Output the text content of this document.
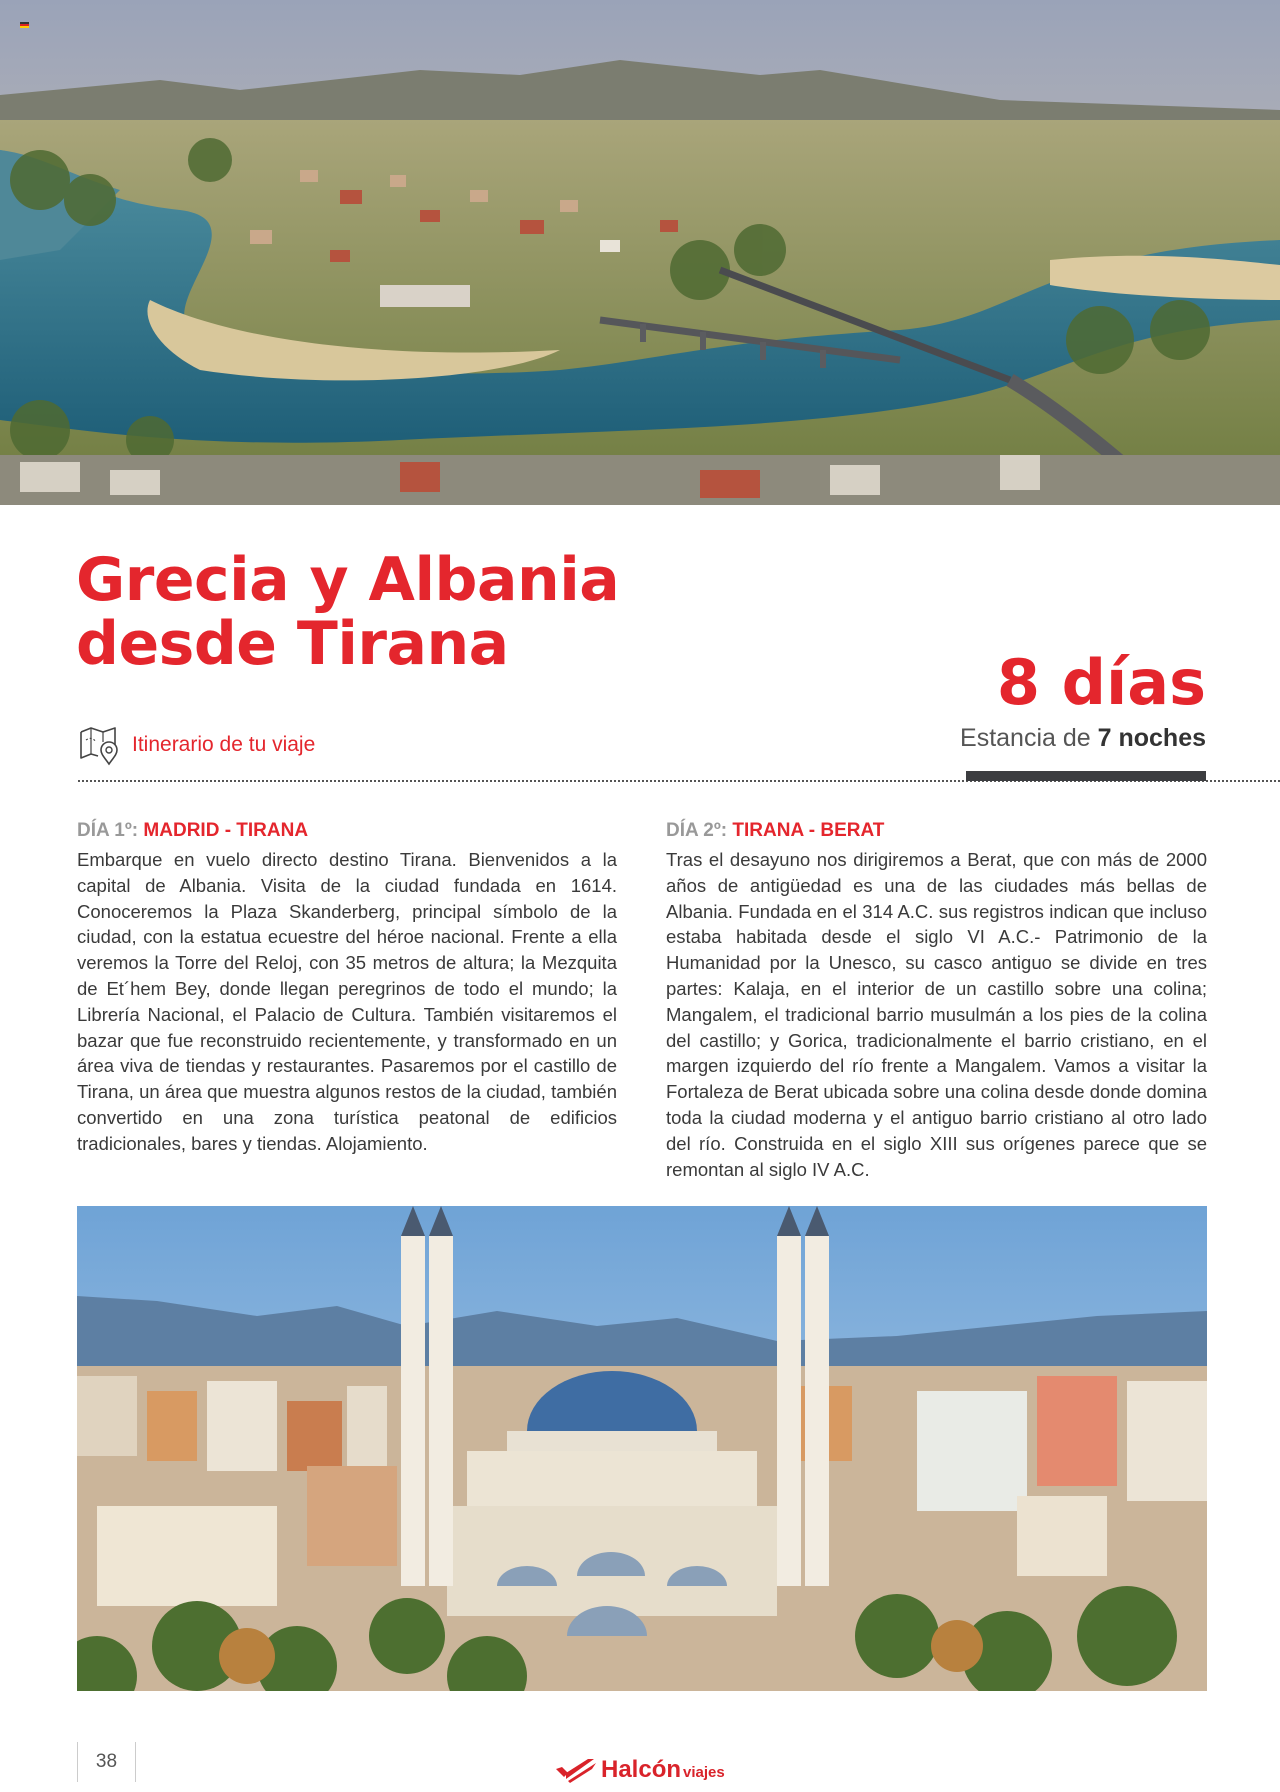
Grecia y Albania
desde Tirana
8 días
Estancia de 7 noches
Itinerario de tu viaje
DÍA 1º: MADRID - TIRANA

Embarque en vuelo directo destino Tirana. Bienvenidos a la capital de Albania. Visita de la ciudad fundada en 1614. Conoceremos la Plaza Skanderberg, principal símbolo de la ciudad, con la estatua ecuestre del héroe nacional. Frente a ella veremos la Torre del Reloj, con 35 metros de altura; la Mezquita de Et´hem Bey, donde llegan peregrinos de todo el mundo; la Librería Nacional, el Palacio de Cultura. También visitaremos el bazar que fue reconstruido recientemente, y transformado en un área viva de tiendas y restaurantes. Pasaremos por el castillo de Tirana, un área que muestra algunos restos de la ciudad, también convertido en una zona turística peatonal de edificios tradicionales, bares y tiendas. Alojamiento.

DÍA 2º: TIRANA - BERAT

Tras el desayuno nos dirigiremos a Berat, que con más de 2000 años de antigüedad es una de las ciudades más bellas de Albania. Fundada en el 314 A.C. sus registros indican que incluso estaba habitada desde el siglo VI A.C.- Patrimonio de la Humanidad por la Unesco, su casco antiguo se divide en tres partes: Kalaja, en el interior de un castillo sobre una colina; Mangalem, el tradicional barrio musulmán a los pies de la colina del castillo; y Gorica, tradicionalmente el barrio cristiano, en el margen izquierdo del río frente a Mangalem. Vamos a visitar la Fortaleza de Berat ubicada sobre una colina desde donde domina toda la ciudad moderna y el antiguo barrio cristiano al otro lado del río. Construida en el siglo XIII sus orígenes parece que se remontan al siglo IV A.C.

38	Halcón viajes
